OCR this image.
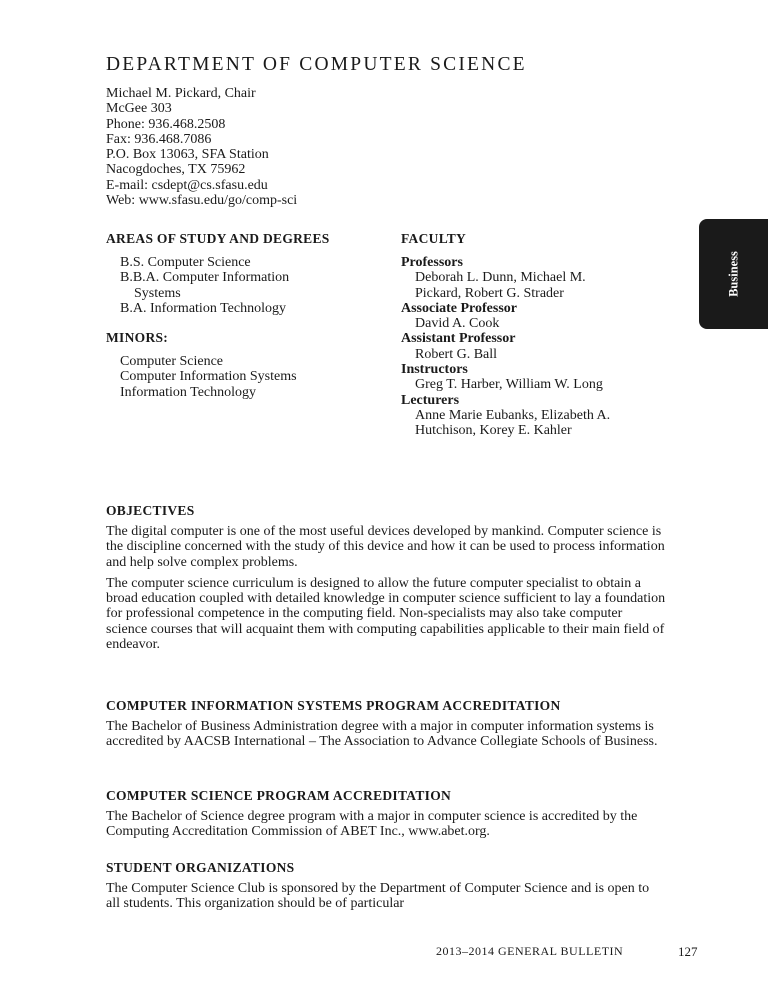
DEPARTMENT OF COMPUTER SCIENCE
Michael M. Pickard, Chair
McGee 303
Phone: 936.468.2508
Fax: 936.468.7086
P.O. Box 13063, SFA Station
Nacogdoches, TX 75962
E-mail: csdept@cs.sfasu.edu
Web: www.sfasu.edu/go/comp-sci
AREAS OF STUDY AND DEGREES
B.S. Computer Science
B.B.A. Computer Information
Systems
B.A. Information Technology
MINORS:
Computer Science
Computer Information Systems
Information Technology
FACULTY
Professors
Deborah L. Dunn, Michael M.
Pickard, Robert G. Strader
Associate Professor
David A. Cook
Assistant Professor
Robert G. Ball
Instructors
Greg T. Harber, William W. Long
Lecturers
Anne Marie Eubanks, Elizabeth A.
Hutchison, Korey E. Kahler
Business
OBJECTIVES

The digital computer is one of the most useful devices developed by mankind. Computer science is the discipline concerned with the study of this device and how it can be used to process information and help solve complex problems.

The computer science curriculum is designed to allow the future computer specialist to obtain a broad education coupled with detailed knowledge in computer science sufficient to lay a foundation for professional competence in the computing field. Non-specialists may also take computer science courses that will acquaint them with computing capabilities applicable to their main field of endeavor.

COMPUTER INFORMATION SYSTEMS PROGRAM ACCREDITATION

The Bachelor of Business Administration degree with a major in computer information systems is accredited by AACSB International – The Association to Advance Collegiate Schools of Business.

COMPUTER SCIENCE PROGRAM ACCREDITATION

The Bachelor of Science degree program with a major in computer science is accredited by the Computing Accreditation Commission of ABET Inc., www.abet.org.

STUDENT ORGANIZATIONS

The Computer Science Club is sponsored by the Department of Computer Science and is open to all students. This organization should be of particular

2013–2014 GENERAL BULLETIN	127
